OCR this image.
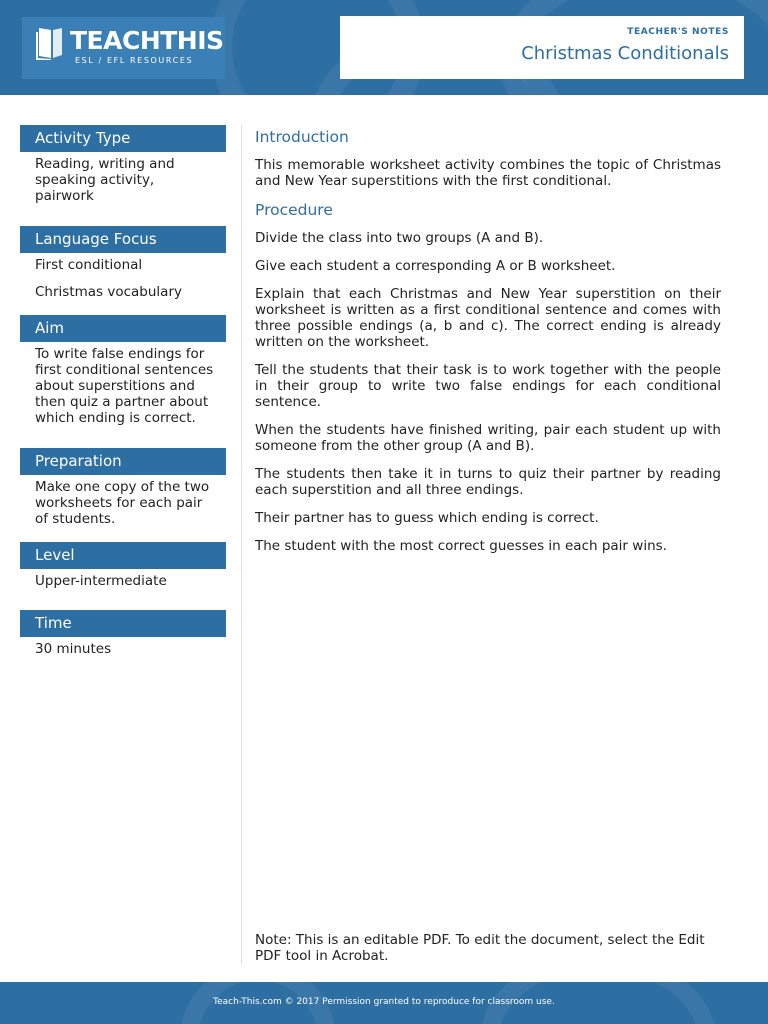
TEACHTHIS
ESL / EFL RESOURCES
TEACHER'S NOTES
Christmas Conditionals
Activity Type

Reading, writing and speaking activity, pairwork

Language Focus

First conditional

Christmas vocabulary

Aim

To write false endings for first conditional sentences about superstitions and then quiz a partner about which ending is correct.

Preparation

Make one copy of the two worksheets for each pair of students.

Level

Upper-intermediate

Time

30 minutes

Introduction

This memorable worksheet activity combines the topic of Christmas and New Year superstitions with the first conditional.

Procedure

Divide the class into two groups (A and B).

Give each student a corresponding A or B worksheet.

Explain that each Christmas and New Year superstition on their worksheet is written as a first conditional sentence and comes with three possible endings (a, b and c). The correct ending is already written on the worksheet.

Tell the students that their task is to work together with the people in their group to write two false endings for each conditional sentence.

When the students have finished writing, pair each student up with someone from the other group (A and B).

The students then take it in turns to quiz their partner by reading each superstition and all three endings.

Their partner has to guess which ending is correct.

The student with the most correct guesses in each pair wins.

Note: This is an editable PDF. To edit the document, select the Edit PDF tool in Acrobat.
Teach-This.com © 2017 Permission granted to reproduce for classroom use.
